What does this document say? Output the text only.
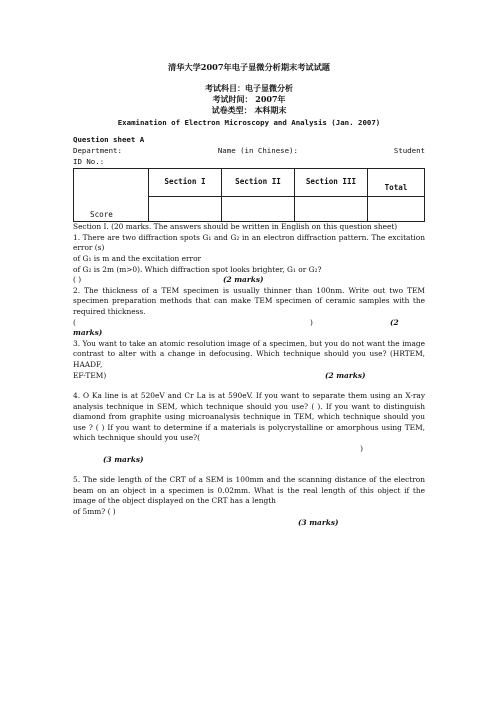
清华大学2007年电子显微分析期末考试试题
考试科目：电子显微分析
考试时间： 2007年
试卷类型： 本科期末
Examination of Electron Microscopy and Analysis (Jan. 2007)
Question sheet A
Department:	Name (in Chinese):	Student
ID No.:
Score	Section I	Section II	Section III	Total

Section I. (20 marks. The answers should be written in English on this question sheet)
1. There are two diffraction spots G₁ and G₂ in an electron diffraction pattern. The excitation error (s)
of G₁ is m and the excitation error
of G₂ is 2m (m>0). Which diffraction spot looks brighter, G₁ or G₂?
( )	(2 marks)
2. The thickness of a TEM specimen is usually thinner than 100nm. Write out two TEM specimen preparation methods that can make TEM specimen of ceramic samples with the required thickness.
(	)	(2
marks)
3. You want to take an atomic resolution image of a specimen, but you do not want the image contrast to alter with a change in defocusing. Which technique should you use? (HRTEM, HAADF,
EF-TEM)	(2 marks)
4. O Ka line is at 520eV and Cr La is at 590eV. If you want to separate them using an X-ray analysis technique in SEM, which technique should you use? ( ). If you want to distinguish diamond from graphite using microanalysis technique in TEM, which technique should you use ? ( ) If you want to determine if a materials is polycrystalline or amorphous using TEM, which technique should you use?(
)
(3 marks)
5. The side length of the CRT of a SEM is 100mm and the scanning distance of the electron beam on an object in a specimen is 0.02mm. What is the real length of this object if the image of the object displayed on the CRT has a length
of 5mm? ( )
(3 marks)
